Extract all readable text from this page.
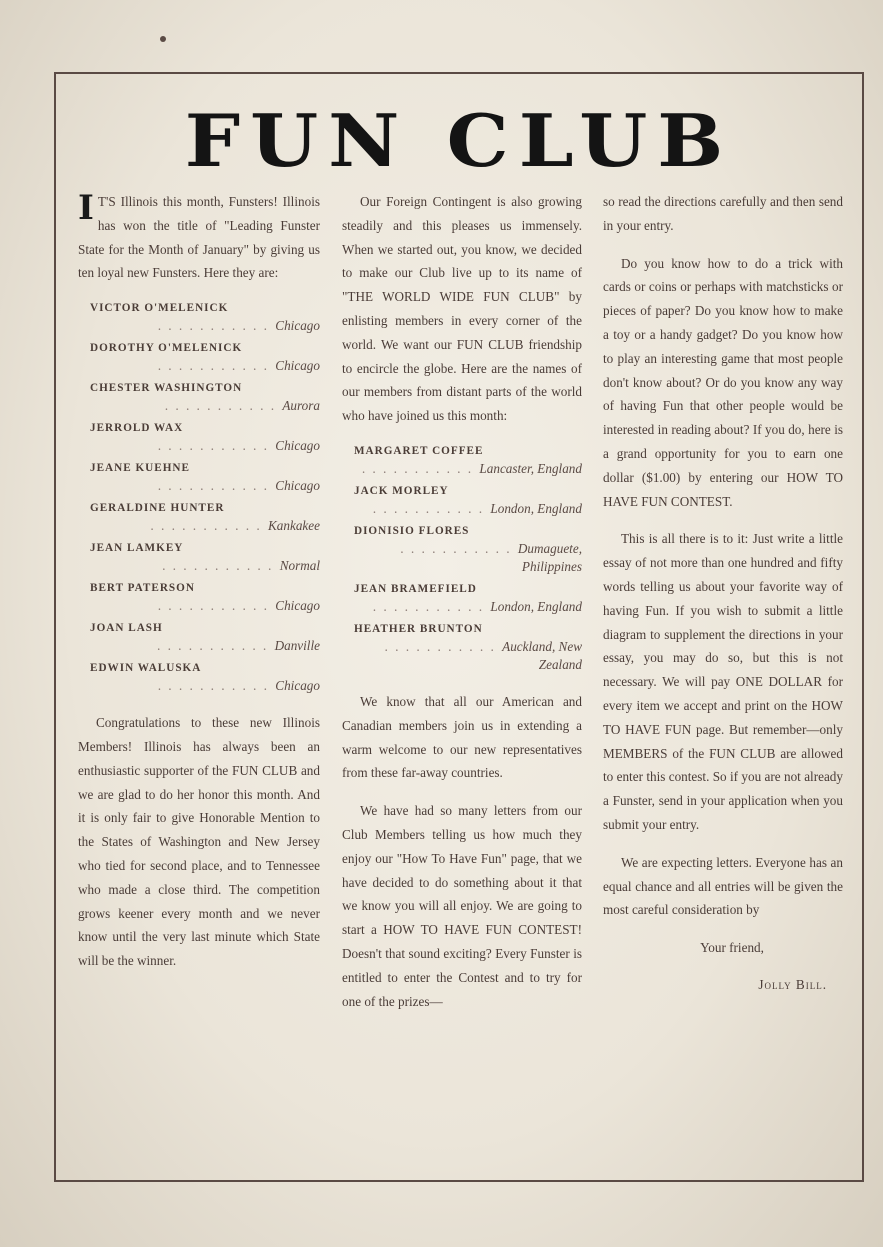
FUN CLUB

I T'S Illinois this month, Funsters! Illinois has won the title of "Leading Funster State for the Month of January" by giving us ten loyal new Funsters. Here they are:

VICTOR O'MELENICK
. . . . . . . . . . . Chicago
DOROTHY O'MELENICK
. . . . . . . . . . . Chicago
CHESTER WASHINGTON
. . . . . . . . . . . Aurora
JERROLD WAX
. . . . . . . . . . . Chicago
JEANE KUEHNE
. . . . . . . . . . . Chicago
GERALDINE HUNTER
. . . . . . . . . . . Kankakee
JEAN LAMKEY
. . . . . . . . . . . Normal
BERT PATERSON
. . . . . . . . . . . Chicago
JOAN LASH
. . . . . . . . . . . Danville
EDWIN WALUSKA
. . . . . . . . . . . Chicago

Congratulations to these new Illinois Members! Illinois has always been an enthusiastic supporter of the FUN CLUB and we are glad to do her honor this month. And it is only fair to give Honorable Mention to the States of Washington and New Jersey who tied for second place, and to Tennessee who made a close third. The competition grows keener every month and we never know until the very last minute which State will be the winner.

Our Foreign Contingent is also growing steadily and this pleases us immensely. When we started out, you know, we decided to make our Club live up to its name of "THE WORLD WIDE FUN CLUB" by enlisting members in every corner of the world. We want our FUN CLUB friendship to encircle the globe. Here are the names of our members from distant parts of the world who have joined us this month:

MARGARET COFFEE
. . . . . . . . . . . Lancaster, England
JACK MORLEY
. . . . . . . . . . . London, England
DIONISIO FLORES
. . . . . . . . . . . Dumaguete, Philippines
JEAN BRAMEFIELD
. . . . . . . . . . . London, England
HEATHER BRUNTON
. . . . . . . . . . . Auckland, New Zealand

We know that all our American and Canadian members join us in extending a warm welcome to our new representatives from these far-away countries.

We have had so many letters from our Club Members telling us how much they enjoy our "How To Have Fun" page, that we have decided to do something about it that we know you will all enjoy. We are going to start a HOW TO HAVE FUN CONTEST! Doesn't that sound exciting? Every Funster is entitled to enter the Contest and to try for one of the prizes—

so read the directions carefully and then send in your entry.

Do you know how to do a trick with cards or coins or perhaps with matchsticks or pieces of paper? Do you know how to make a toy or a handy gadget? Do you know how to play an interesting game that most people don't know about? Or do you know any way of having Fun that other people would be interested in reading about? If you do, here is a grand opportunity for you to earn one dollar ($1.00) by entering our HOW TO HAVE FUN CONTEST.

This is all there is to it: Just write a little essay of not more than one hundred and fifty words telling us about your favorite way of having Fun. If you wish to submit a little diagram to supplement the directions in your essay, you may do so, but this is not necessary. We will pay ONE DOLLAR for every item we accept and print on the HOW TO HAVE FUN page. But remember—only MEMBERS of the FUN CLUB are allowed to enter this contest. So if you are not already a Funster, send in your application when you submit your entry.

We are expecting letters. Everyone has an equal chance and all entries will be given the most careful consideration by

Your friend,

Jolly Bill.
